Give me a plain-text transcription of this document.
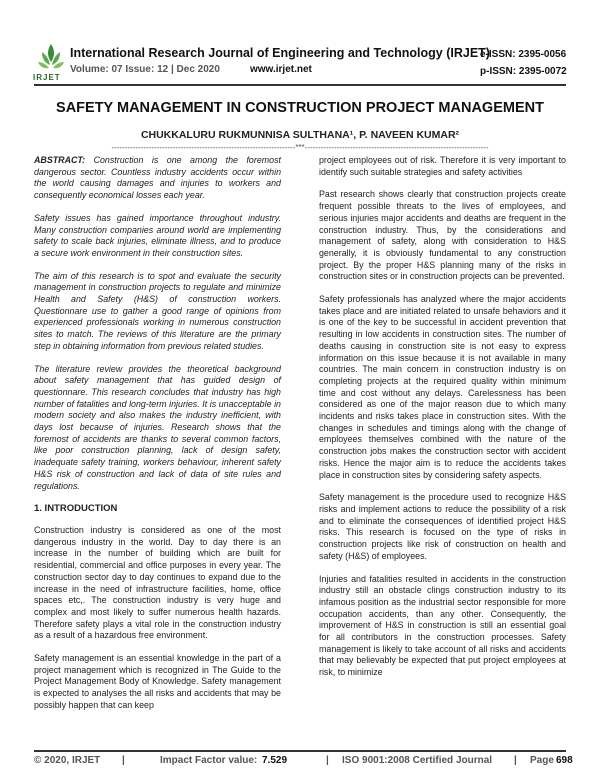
IRJET
International Research Journal of Engineering and Technology (IRJET)
Volume: 07 Issue: 12 | Dec 2020	www.irjet.net
e-ISSN: 2395-0056
p-ISSN: 2395-0072
SAFETY MANAGEMENT IN CONSTRUCTION PROJECT MANAGEMENT
CHUKKALURU RUKMUNNISA SULTHANA¹, P. NAVEEN KUMAR²
---------------------------------------------------------------------***---------------------------------------------------------------------

ABSTRACT: Construction is one among the foremost dangerous sector. Countless industry accidents occur within the world causing damages and injuries to workers and consequently economical losses each year.

Safety issues has gained importance throughout industry. Many construction companies around world are implementing safety to scale back injuries, eliminate illness, and to produce a secure work environment in their construction sites.

The aim of this research is to spot and evaluate the security management in construction projects to regulate and minimize Health and Safety (H&S) of construction workers. Questionnare use to gather a good range of opinions from experienced professionals working in numerous construction sites to match. The reviews of this literature are the primary step in obtaining information from previous related studies.

The literature review provides the theoretical background about safety management that has guided design of questionnare. This research concludes that industry has high number of fatalities and long-term injuries. It is unacceptable in modern society and also makes the industry inefficient, with days lost because of injuries. Research shows that the foremost of accidents are thanks to several common factors, like poor construction planning, lack of design safety, inadequate safety training, workers behaviour, inherent safety H&S risk of construction and lack of data of site rules and regulations.

1. INTRODUCTION

Construction industry is considered as one of the most dangerous industry in the world. Day to day there is an increase in the number of building which are built for residential, commercial and office purposes in every year. The construction sector day to day continues to expand due to the increase in the need of infrastructure facilities, home, office spaces etc,. The construction industry is very huge and complex and most likely to suffer numerous health hazards. Therefore safety plays a vital role in the construction industry as a result of a hazardous free environment.

Safety management is an essential knowledge in the part of a project management which is recognized in The Guide to the Project Management Body of Knowledge. Safety management is expected to analyses the all risks and accidents that may be possibly happen that can keep

project employees out of risk. Therefore it is very important to identify such suitable strategies and safety activities

Past research shows clearly that construction projects create frequent possible threats to the lives of employees, and serious injuries major accidents and deaths are frequent in the construction industry. Thus, by the considerations and management of safety, along with consideration to H&S generally, it is obviously fundamental to any construction project. By the proper H&S planning many of the risks in construction sites or in construction projects can be prevented.

Safety professionals has analyzed where the major accidents takes place and are initiated related to unsafe behaviors and it is one of the key to be successful in accident prevention that resulting in low accidents in construction sites. The number of deaths causing in construction site is not easy to express information on this issue because it is not available in many countries. The main concern in construction industry is on completing projects at the required quality within minimum time and cost without any delays. Carelessness has been considered as one of the major reason due to which many incidents and risks takes place in construction sites. With the changes in schedules and timings along with the change of employees themselves combined with the nature of the construction jobs makes the construction sector with accident risks. Hence the major aim is to reduce the accidents takes place in construction sites by considering safety aspects.

Safety management is the procedure used to recognize H&S risks and implement actions to reduce the possibility of a risk and to eliminate the consequences of identified project H&S risks. This research is focused on the type of risks in construction projects like risk of construction on health and safety (H&S) of employees.

Injuries and fatalities resulted in accidents in the construction industry still an obstacle clings construction industry to its infamous position as the industrial sector responsible for more occupation accidents, than any other. Consequently, the improvement of H&S in construction is still an essential goal for all contributors in the construction processes. Safety management is likely to take account of all risks and accidents that may believably be expected that put project employees at risk, to minimize

© 2020, IRJET |	Impact Factor value: 7.529	| ISO 9001:2008 Certified Journal | Page 698
